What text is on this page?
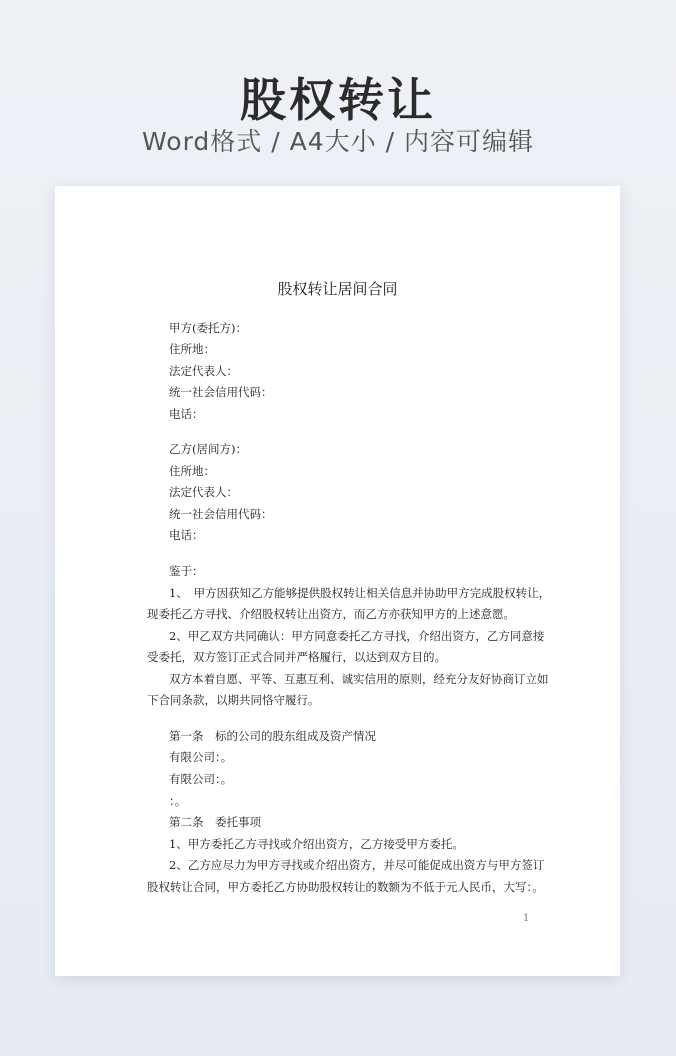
股权转让
Word格式 / A4大小 / 内容可编辑
股权转让居间合同
甲方(委托方)：
住所地：
法定代表人：
统一社会信用代码：
电话：
乙方(居间方)：
住所地：
法定代表人：
统一社会信用代码：
电话：
鉴于：
1、　甲方因获知乙方能够提供股权转让相关信息并协助甲方完成股权转让，
现委托乙方寻找、介绍股权转让出资方，而乙方亦获知甲方的上述意愿。
2、甲乙双方共同确认：甲方同意委托乙方寻找，介绍出资方，乙方同意接
受委托，双方签订正式合同并严格履行，以达到双方目的。
双方本着自愿、平等、互惠互利、诚实信用的原则，经充分友好协商订立如
下合同条款，以期共同恪守履行。
第一条　标的公司的股东组成及资产情况
有限公司：。
有限公司：。
：。
第二条　委托事项
1、甲方委托乙方寻找或介绍出资方，乙方接受甲方委托。
2、乙方应尽力为甲方寻找或介绍出资方，并尽可能促成出资方与甲方签订
股权转让合同，甲方委托乙方协助股权转让的数额为不低于元人民币，大写：。
1
